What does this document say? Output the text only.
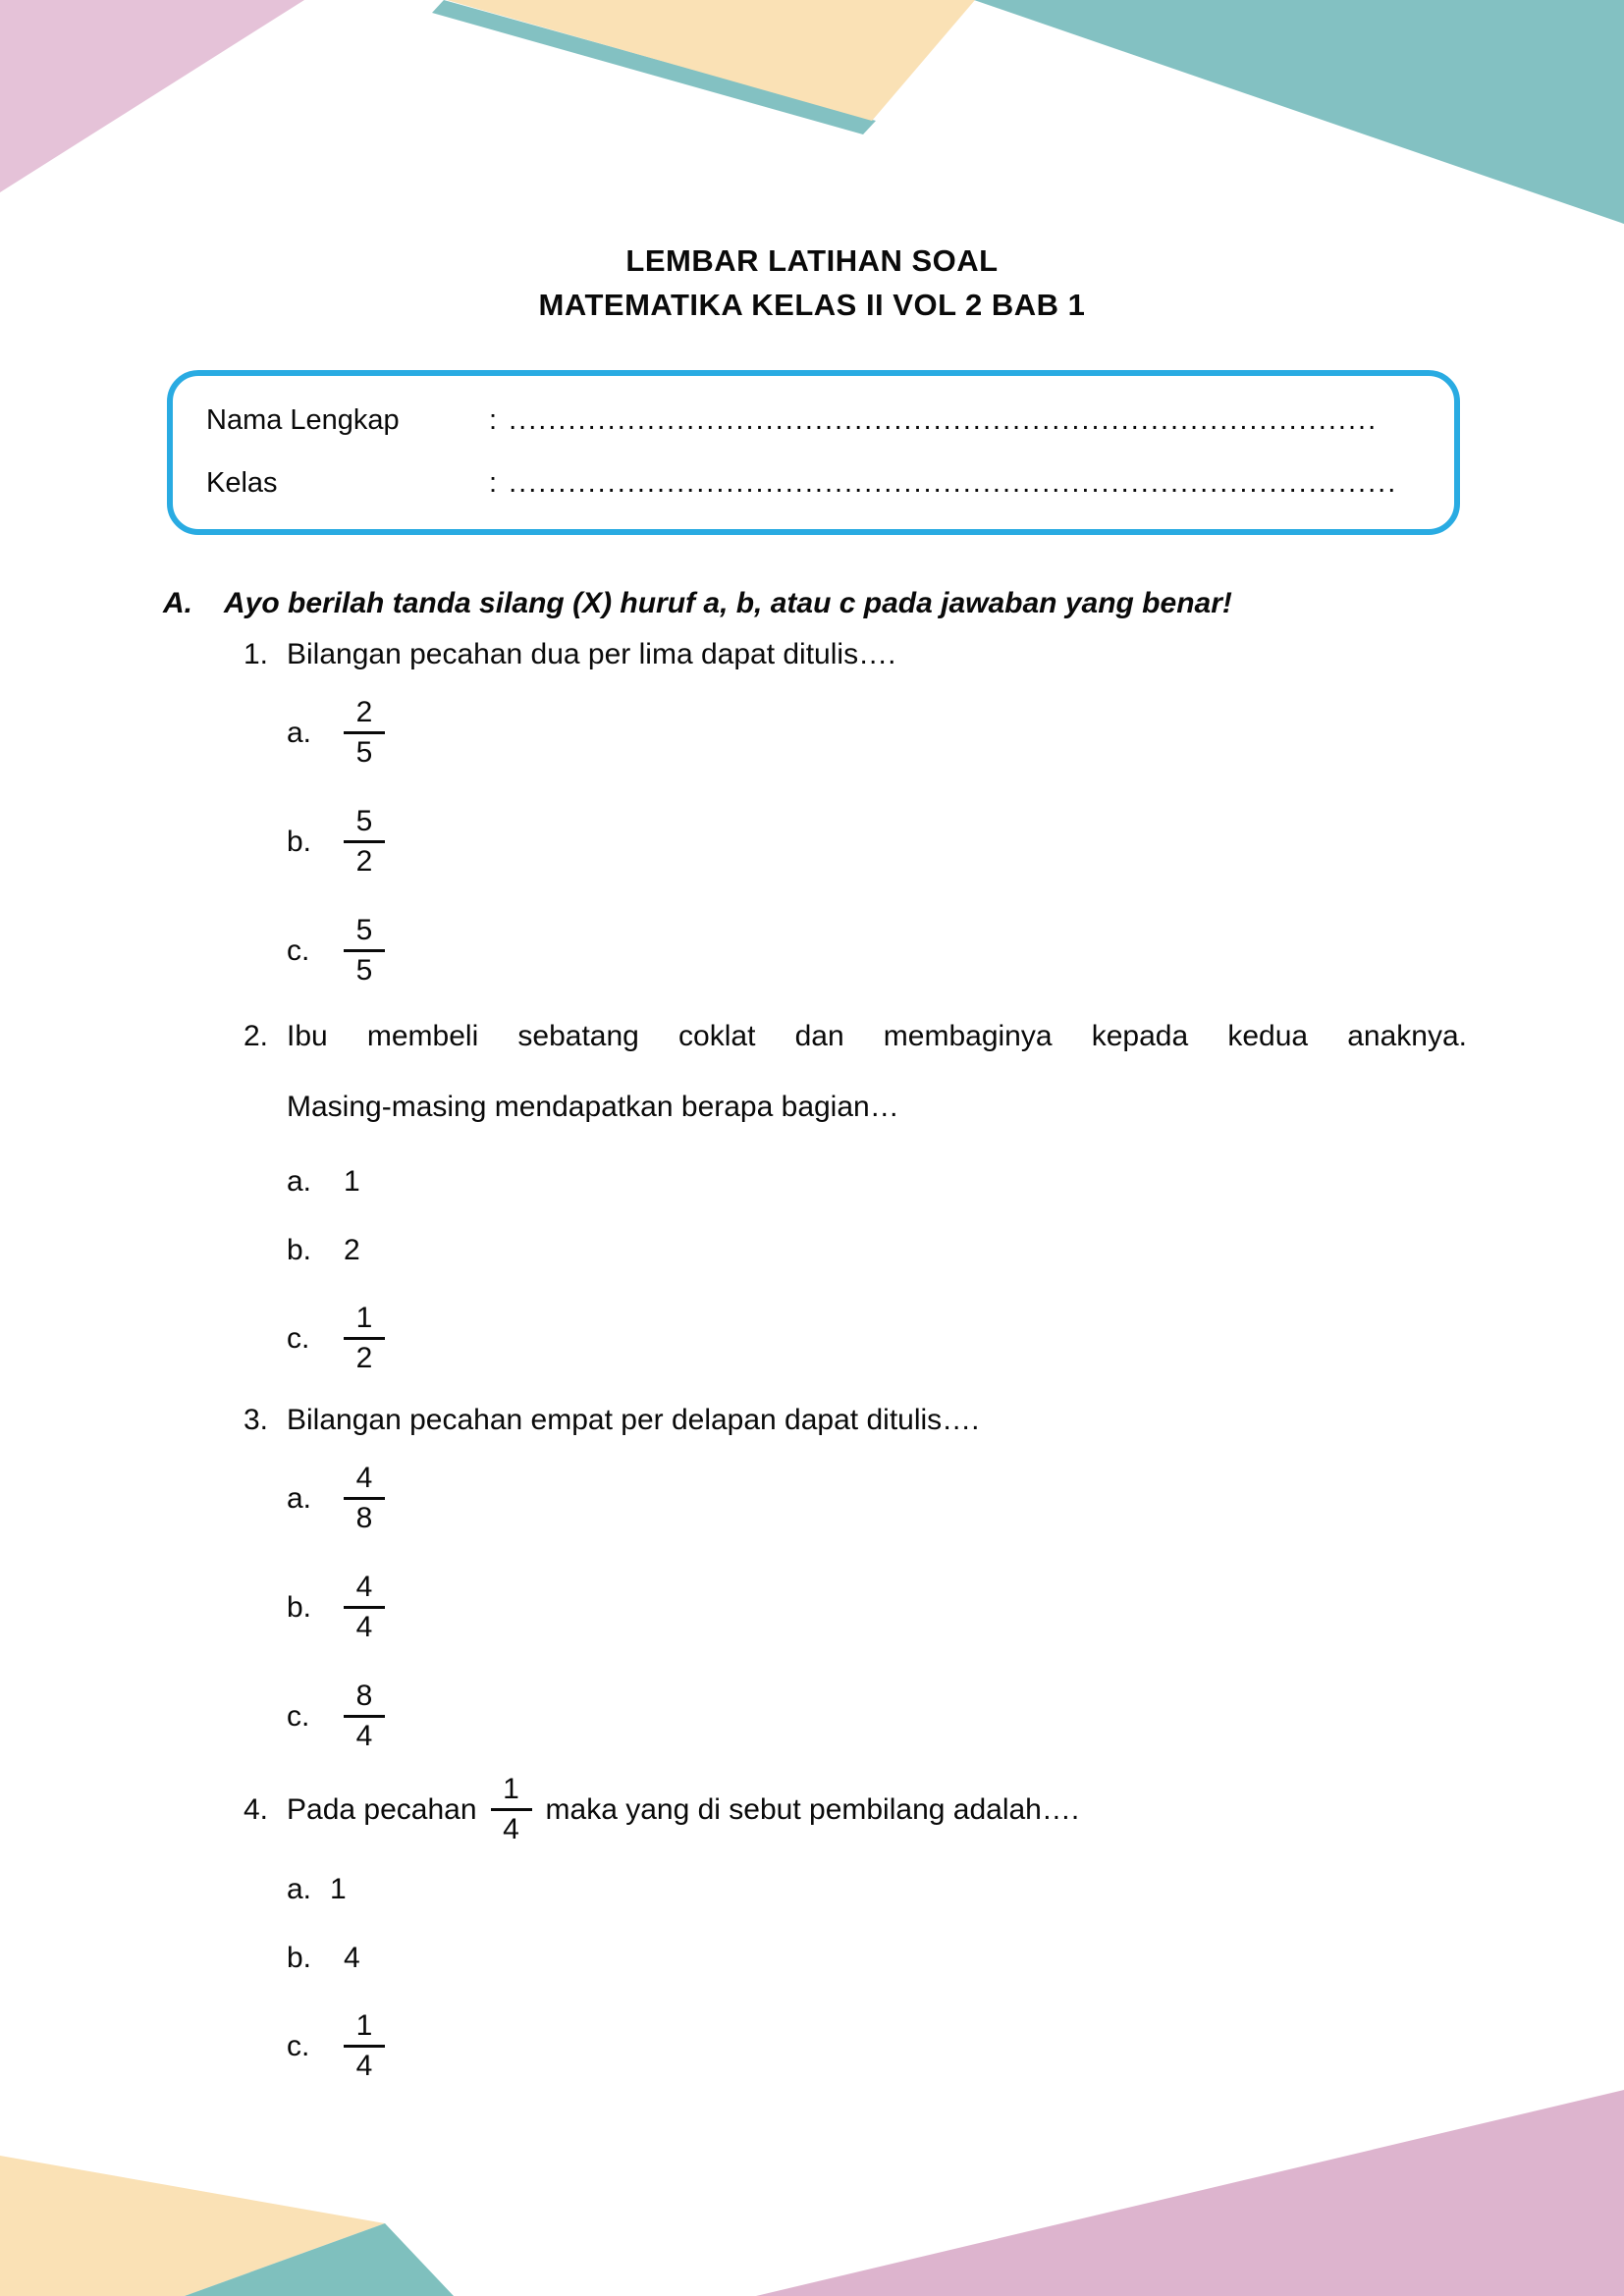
LEMBAR LATIHAN SOAL
MATEMATIKA KELAS II VOL 2 BAB 1
Nama Lengkap	: ........................................................................................
Kelas	: ..........................................................................................
A.	Ayo berilah tanda silang (X) huruf a, b, atau c pada jawaban yang benar!
1. Bilangan pecahan dua per lima dapat ditulis….
a.	$\frac{2}{5}$
b.	$\frac{5}{2}$
c.	$\frac{5}{5}$
2. Ibu membeli sebatang coklat dan membaginya kepada kedua anaknya.
Masing-masing mendapatkan berapa bagian…
a.	1
b.	2
c.	$\frac{1}{2}$
3. Bilangan pecahan empat per delapan dapat ditulis….
a.	$\frac{4}{8}$
b.	$\frac{4}{4}$
c.	$\frac{8}{4}$
4. Pada pecahan $\frac{1}{4}$ maka yang di sebut pembilang adalah….
a. 1
b.	4
c.	$\frac{1}{4}$
